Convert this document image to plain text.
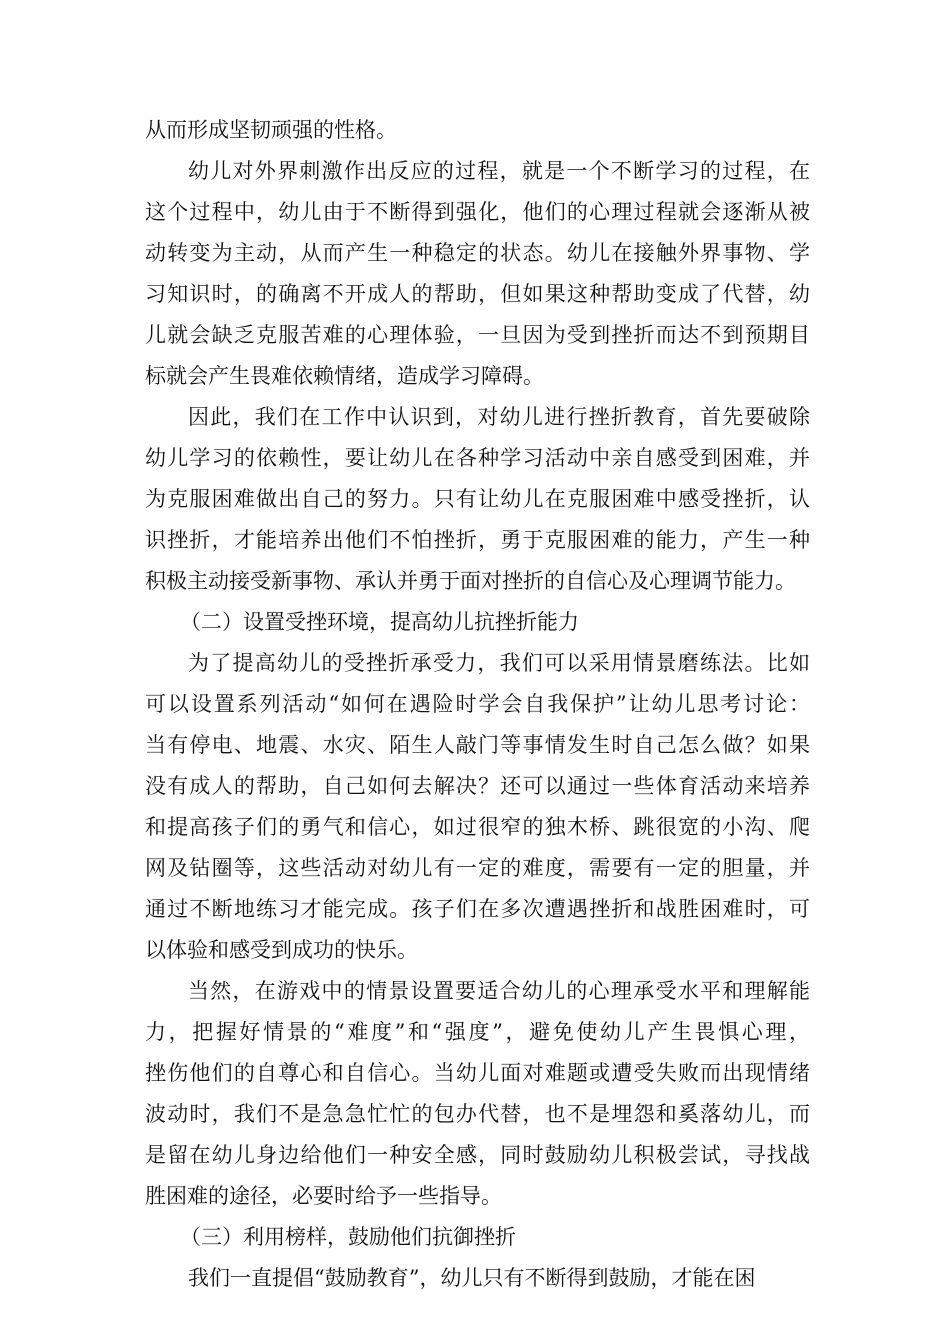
从而形成坚韧顽强的性格。
幼儿对外界刺激作出反应的过程，就是一个不断学习的过程，在
这个过程中，幼儿由于不断得到强化，他们的心理过程就会逐渐从被
动转变为主动，从而产生一种稳定的状态。幼儿在接触外界事物、学
习知识时，的确离不开成人的帮助，但如果这种帮助变成了代替，幼
儿就会缺乏克服苦难的心理体验，一旦因为受到挫折而达不到预期目
标就会产生畏难依赖情绪，造成学习障碍。
因此，我们在工作中认识到，对幼儿进行挫折教育，首先要破除
幼儿学习的依赖性，要让幼儿在各种学习活动中亲自感受到困难，并
为克服困难做出自己的努力。只有让幼儿在克服困难中感受挫折，认
识挫折，才能培养出他们不怕挫折，勇于克服困难的能力，产生一种
积极主动接受新事物、承认并勇于面对挫折的自信心及心理调节能力。
（二）设置受挫环境，提高幼儿抗挫折能力
为了提高幼儿的受挫折承受力，我们可以采用情景磨练法。比如
可以设置系列活动“如何在遇险时学会自我保护”让幼儿思考讨论：
当有停电、地震、水灾、陌生人敲门等事情发生时自己怎么做？如果
没有成人的帮助，自己如何去解决？还可以通过一些体育活动来培养
和提高孩子们的勇气和信心，如过很窄的独木桥、跳很宽的小沟、爬
网及钻圈等，这些活动对幼儿有一定的难度，需要有一定的胆量，并
通过不断地练习才能完成。孩子们在多次遭遇挫折和战胜困难时，可
以体验和感受到成功的快乐。
当然，在游戏中的情景设置要适合幼儿的心理承受水平和理解能
力，把握好情景的“难度”和“强度”，避免使幼儿产生畏惧心理，
挫伤他们的自尊心和自信心。当幼儿面对难题或遭受失败而出现情绪
波动时，我们不是急急忙忙的包办代替，也不是埋怨和奚落幼儿，而
是留在幼儿身边给他们一种安全感，同时鼓励幼儿积极尝试，寻找战
胜困难的途径，必要时给予一些指导。
（三）利用榜样，鼓励他们抗御挫折
我们一直提倡“鼓励教育”，幼儿只有不断得到鼓励，才能在困
